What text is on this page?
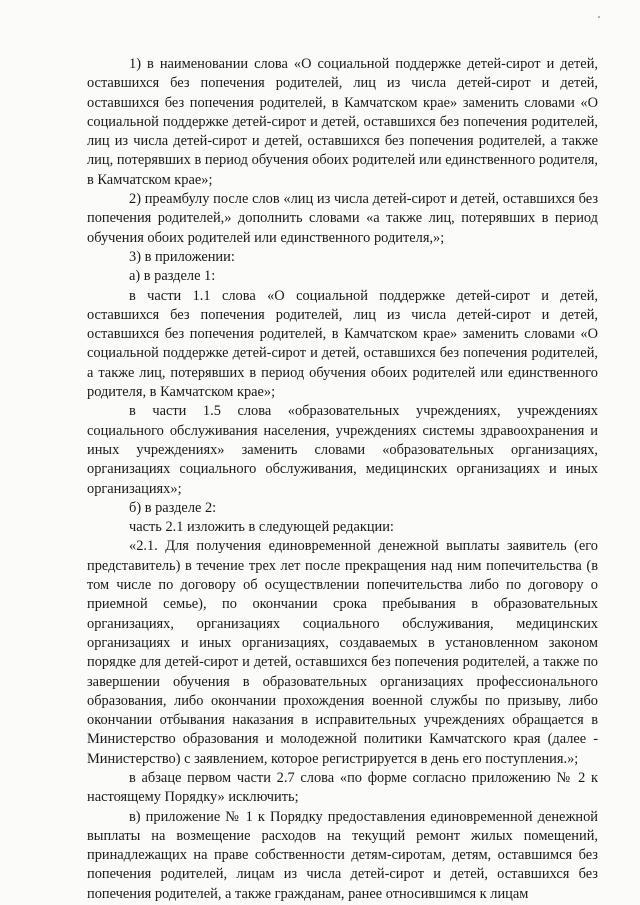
1) в наименовании слова «О социальной поддержке детей-сирот и детей, оставшихся без попечения родителей, лиц из числа детей-сирот и детей, оставшихся без попечения родителей, в Камчатском крае» заменить словами «О социальной поддержке детей-сирот и детей, оставшихся без попечения родителей, лиц из числа детей-сирот и детей, оставшихся без попечения родителей, а также лиц, потерявших в период обучения обоих родителей или единственного родителя, в Камчатском крае»;

2) преамбулу после слов «лиц из числа детей-сирот и детей, оставшихся без попечения родителей,» дополнить словами «а также лиц, потерявших в период обучения обоих родителей или единственного родителя,»;

3) в приложении:

а) в разделе 1:

в части 1.1 слова «О социальной поддержке детей-сирот и детей, оставшихся без попечения родителей, лиц из числа детей-сирот и детей, оставшихся без попечения родителей, в Камчатском крае» заменить словами «О социальной поддержке детей-сирот и детей, оставшихся без попечения родителей, а также лиц, потерявших в период обучения обоих родителей или единственного родителя, в Камчатском крае»;

в части 1.5 слова «образовательных учреждениях, учреждениях социального обслуживания населения, учреждениях системы здравоохранения и иных учреждениях» заменить словами «образовательных организациях, организациях социального обслуживания, медицинских организациях и иных организациях»;

б) в разделе 2:

часть 2.1 изложить в следующей редакции:

«2.1. Для получения единовременной денежной выплаты заявитель (его представитель) в течение трех лет после прекращения над ним попечительства (в том числе по договору об осуществлении попечительства либо по договору о приемной семье), по окончании срока пребывания в образовательных организациях, организациях социального обслуживания, медицинских организациях и иных организациях, создаваемых в установленном законом порядке для детей-сирот и детей, оставшихся без попечения родителей, а также по завершении обучения в образовательных организациях профессионального образования, либо окончании прохождения военной службы по призыву, либо окончании отбывания наказания в исправительных учреждениях обращается в Министерство образования и молодежной политики Камчатского края (далее - Министерство) с заявлением, которое регистрируется в день его поступления.»;

в абзаце первом части 2.7 слова «по форме согласно приложению № 2 к настоящему Порядку» исключить;

в) приложение № 1 к Порядку предоставления единовременной денежной выплаты на возмещение расходов на текущий ремонт жилых помещений, принадлежащих на праве собственности детям-сиротам, детям, оставшимся без попечения родителей, лицам из числа детей-сирот и детей, оставшихся без попечения родителей, а также гражданам, ранее относившимся к лицам
